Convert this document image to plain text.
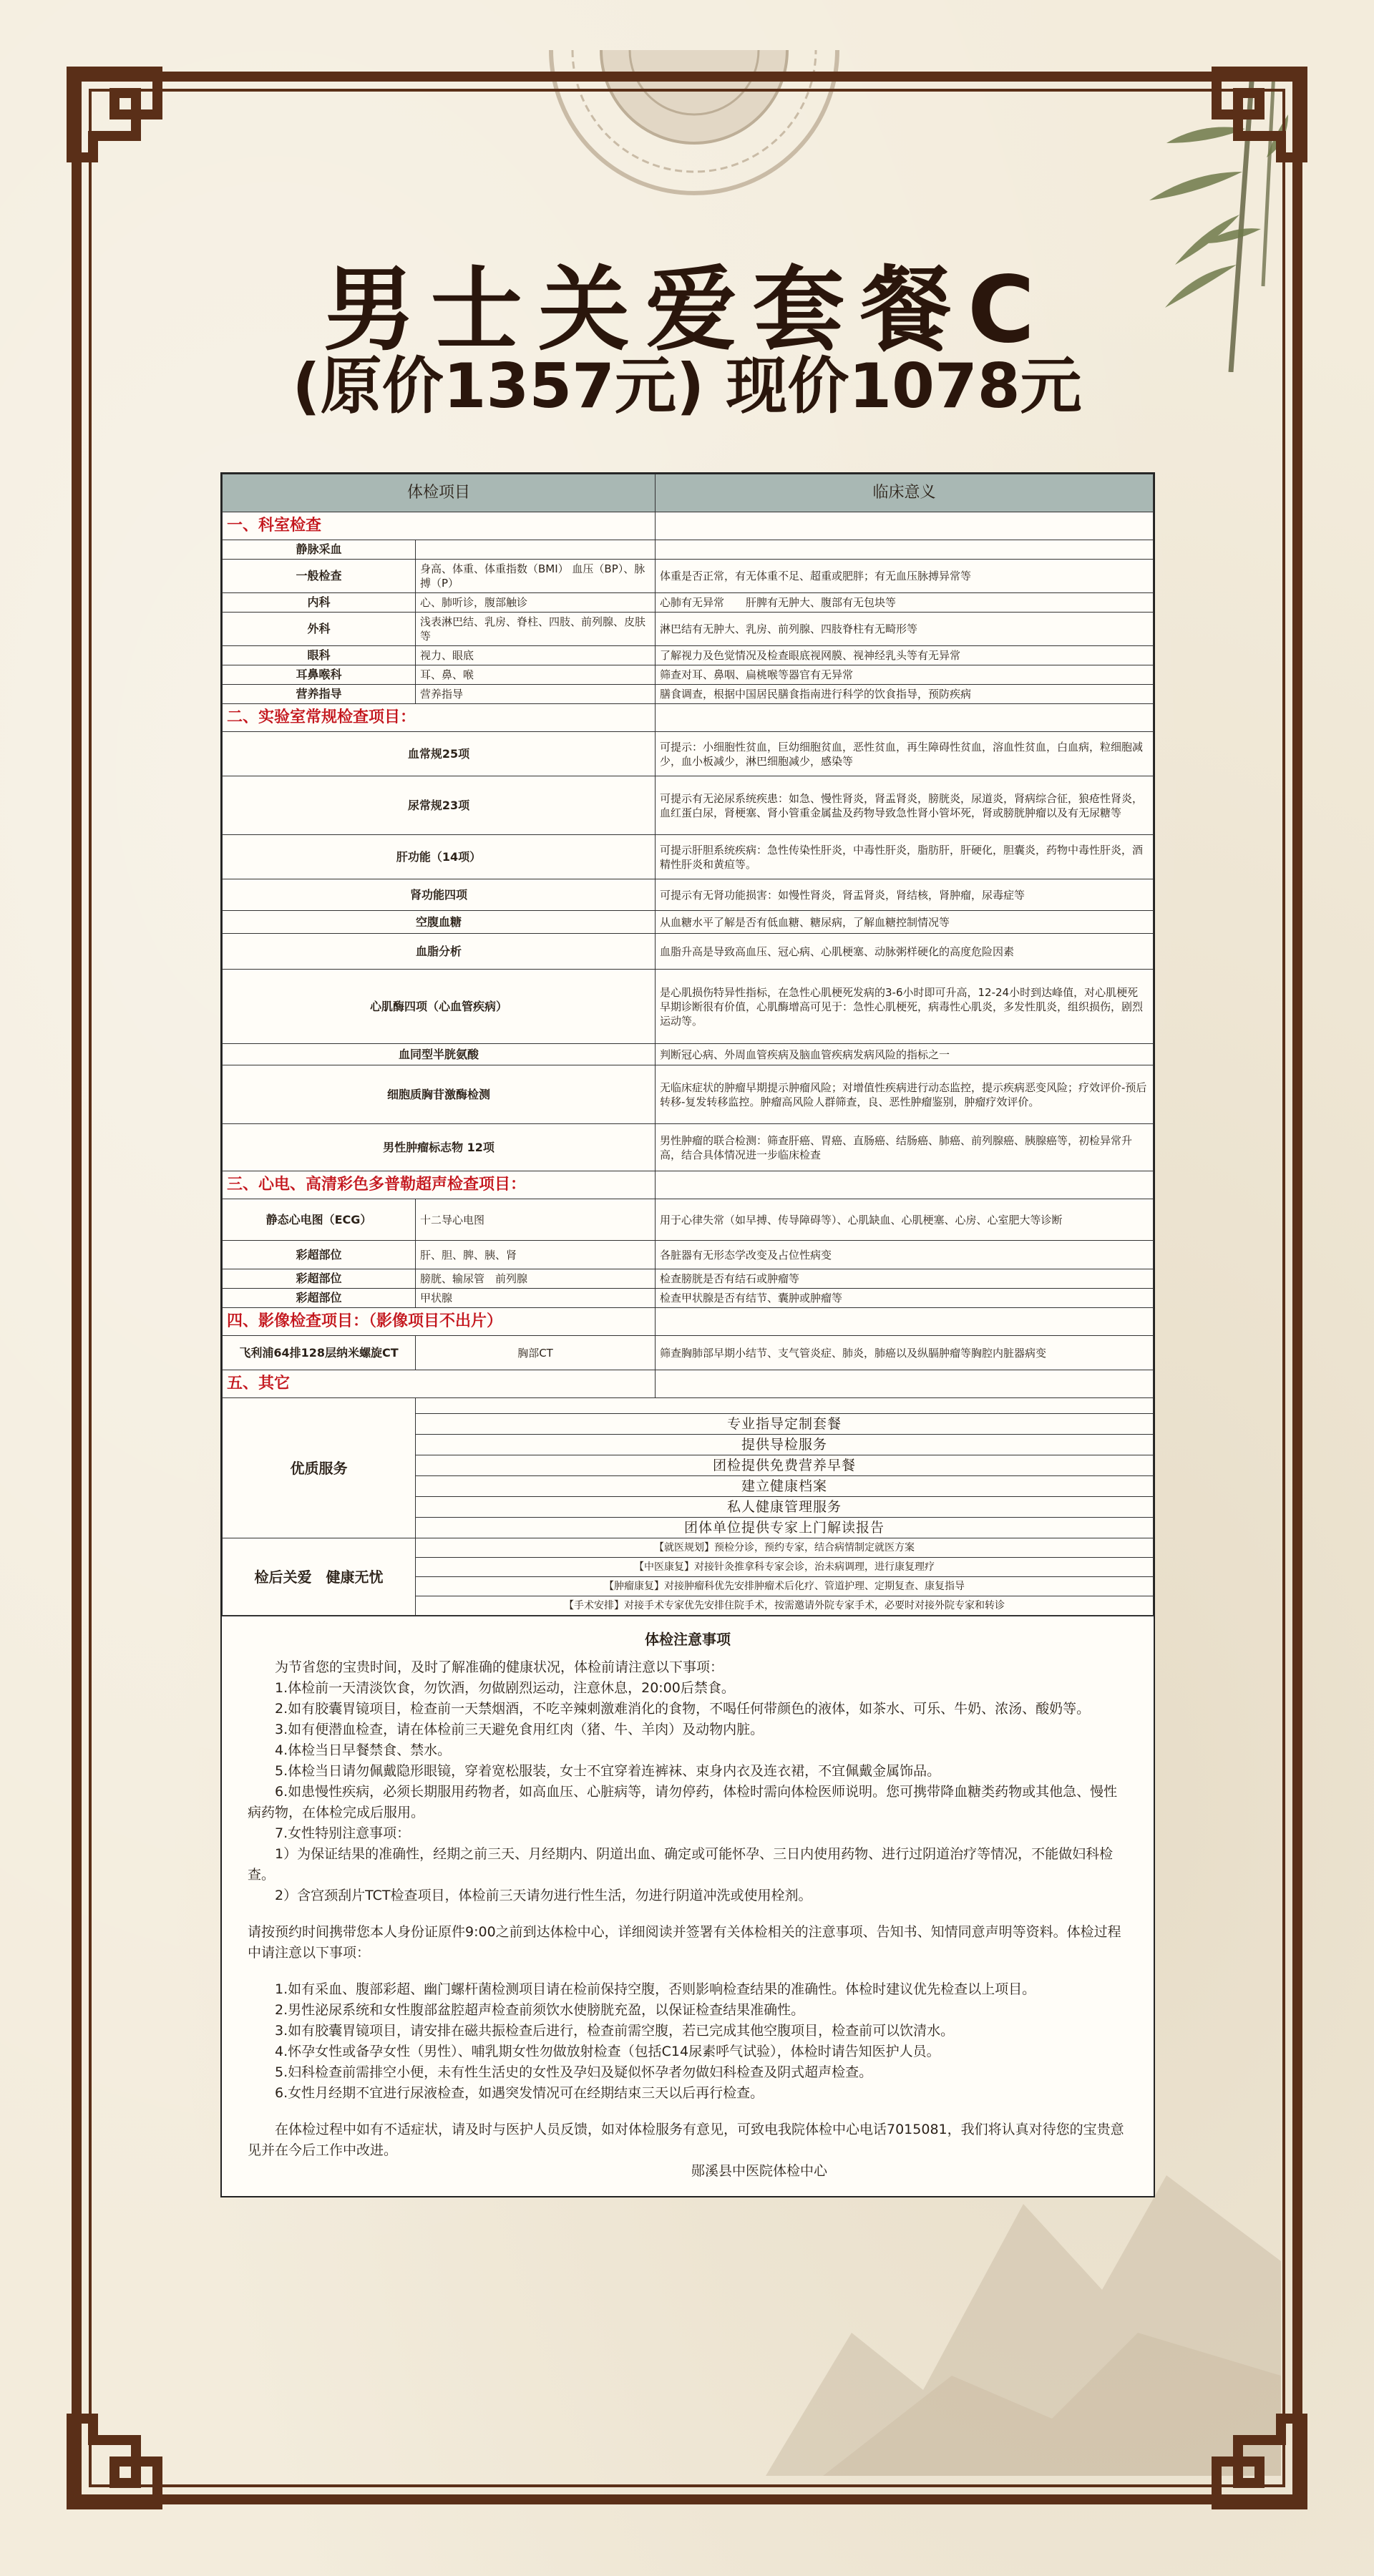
男士关爱套餐C
(原价1357元) 现价1078元
体检项目		临床意义
一、科室检查		
静脉采血		
一般检查	身高、体重、体重指数（BMI） 血压（BP）、脉搏（P）	体重是否正常，有无体重不足、超重或肥胖；有无血压脉搏异常等
内科	心、肺听诊，腹部触诊	心肺有无异常　　肝脾有无肿大、腹部有无包块等
外科	浅表淋巴结、乳房、脊柱、四肢、前列腺、皮肤等	淋巴结有无肿大、乳房、前列腺、四肢脊柱有无畸形等
眼科	视力、眼底	了解视力及色觉情况及检查眼底视网膜、视神经乳头等有无异常
耳鼻喉科	耳、鼻、喉	筛查对耳、鼻咽、扁桃喉等器官有无异常
营养指导	营养指导	膳食调查，根据中国居民膳食指南进行科学的饮食指导，预防疾病
二、实验室常规检查项目：		
血常规25项		可提示：小细胞性贫血，巨幼细胞贫血，恶性贫血，再生障碍性贫血，溶血性贫血，白血病，粒细胞减少，血小板减少，淋巴细胞减少，感染等
尿常规23项		可提示有无泌尿系统疾患：如急、慢性肾炎，肾盂肾炎，膀胱炎，尿道炎，肾病综合征，狼疮性肾炎，血红蛋白尿，肾梗塞、肾小管重金属盐及药物导致急性肾小管坏死，肾或膀胱肿瘤以及有无尿糖等
肝功能（14项）		可提示肝胆系统疾病：急性传染性肝炎，中毒性肝炎，脂肪肝，肝硬化，胆囊炎，药物中毒性肝炎，酒精性肝炎和黄疸等。
肾功能四项		可提示有无肾功能损害：如慢性肾炎，肾盂肾炎，肾结核，肾肿瘤，尿毒症等
空腹血糖		从血糖水平了解是否有低血糖、糖尿病，了解血糖控制情况等
血脂分析		血脂升高是导致高血压、冠心病、心肌梗塞、动脉粥样硬化的高度危险因素
心肌酶四项（心血管疾病）		是心肌损伤特异性指标，在急性心肌梗死发病的3-6小时即可升高，12-24小时到达峰值，对心肌梗死早期诊断很有价值，心肌酶增高可见于：急性心肌梗死，病毒性心肌炎，多发性肌炎，组织损伤，剧烈运动等。
血同型半胱氨酸		判断冠心病、外周血管疾病及脑血管疾病发病风险的指标之一
细胞质胸苷激酶检测		无临床症状的肿瘤早期提示肿瘤风险；对增值性疾病进行动态监控，提示疾病恶变风险；疗效评价-预后转移-复发转移监控。肿瘤高风险人群筛查，良、恶性肿瘤鉴别，肿瘤疗效评价。
男性肿瘤标志物 12项		男性肿瘤的联合检测：筛查肝癌、胃癌、直肠癌、结肠癌、肺癌、前列腺癌、胰腺癌等，初检异常升高，结合具体情况进一步临床检查
三、心电、高清彩色多普勒超声检查项目：		
静态心电图（ECG）	十二导心电图	用于心律失常（如早搏、传导障碍等）、心肌缺血、心肌梗塞、心房、心室肥大等诊断
彩超部位	肝、胆、脾、胰、肾	各脏器有无形态学改变及占位性病变
彩超部位	膀胱、输尿管　前列腺	检查膀胱是否有结石或肿瘤等
彩超部位	甲状腺	检查甲状腺是否有结节、囊肿或肿瘤等
四、影像检查项目：（影像项目不出片）		
飞利浦64排128层纳米螺旋CT	胸部CT	筛查胸肺部早期小结节、支气管炎症、肺炎，肺癌以及纵膈肿瘤等胸腔内脏器病变
五、其它		
优质服务		
	专业指导定制套餐	
	提供导检服务	
	团检提供免费营养早餐	
	建立健康档案	
	私人健康管理服务	
	团体单位提供专家上门解读报告	
检后关爱　健康无忧	【就医规划】预检分诊，预约专家，结合病情制定就医方案	
	【中医康复】对接针灸推拿科专家会诊，治未病调理，进行康复理疗	
	【肿瘤康复】对接肿瘤科优先安排肿瘤术后化疗、管道护理、定期复查、康复指导	
	【手术安排】对接手术专家优先安排住院手术，按需邀请外院专家手术，必要时对接外院专家和转诊	
体检注意事项

为节省您的宝贵时间，及时了解准确的健康状况，体检前请注意以下事项：

1.体检前一天清淡饮食，勿饮酒，勿做剧烈运动，注意休息，20:00后禁食。

2.如有胶囊胃镜项目，检查前一天禁烟酒，不吃辛辣刺激难消化的食物，不喝任何带颜色的液体，如茶水、可乐、牛奶、浓汤、酸奶等。

3.如有便潜血检查，请在体检前三天避免食用红肉（猪、牛、羊肉）及动物内脏。

4.体检当日早餐禁食、禁水。

5.体检当日请勿佩戴隐形眼镜，穿着宽松服装，女士不宜穿着连裤袜、束身内衣及连衣裙，不宜佩戴金属饰品。

6.如患慢性疾病，必须长期服用药物者，如高血压、心脏病等，请勿停药，体检时需向体检医师说明。您可携带降血糖类药物或其他急、慢性病药物，在体检完成后服用。

7.女性特别注意事项：

1）为保证结果的准确性，经期之前三天、月经期内、阴道出血、确定或可能怀孕、三日内使用药物、进行过阴道治疗等情况，不能做妇科检查。

2）含宫颈刮片TCT检查项目，体检前三天请勿进行性生活，勿进行阴道冲洗或使用栓剂。

请按预约时间携带您本人身份证原件9:00之前到达体检中心，详细阅读并签署有关体检相关的注意事项、告知书、知情同意声明等资料。体检过程中请注意以下事项：

1.如有采血、腹部彩超、幽门螺杆菌检测项目请在检前保持空腹，否则影响检查结果的准确性。体检时建议优先检查以上项目。

2.男性泌尿系统和女性腹部盆腔超声检查前须饮水使膀胱充盈，以保证检查结果准确性。

3.如有胶囊胃镜项目，请安排在磁共振检查后进行，检查前需空腹，若已完成其他空腹项目，检查前可以饮清水。

4.怀孕女性或备孕女性（男性）、哺乳期女性勿做放射检查（包括C14尿素呼气试验），体检时请告知医护人员。

5.妇科检查前需排空小便，未有性生活史的女性及孕妇及疑似怀孕者勿做妇科检查及阴式超声检查。

6.女性月经期不宜进行尿液检查，如遇突发情况可在经期结束三天以后再行检查。

在体检过程中如有不适症状，请及时与医护人员反馈，如对体检服务有意见，可致电我院体检中心电话7015081，我们将认真对待您的宝贵意见并在今后工作中改进。

郧溪县中医院体检中心
